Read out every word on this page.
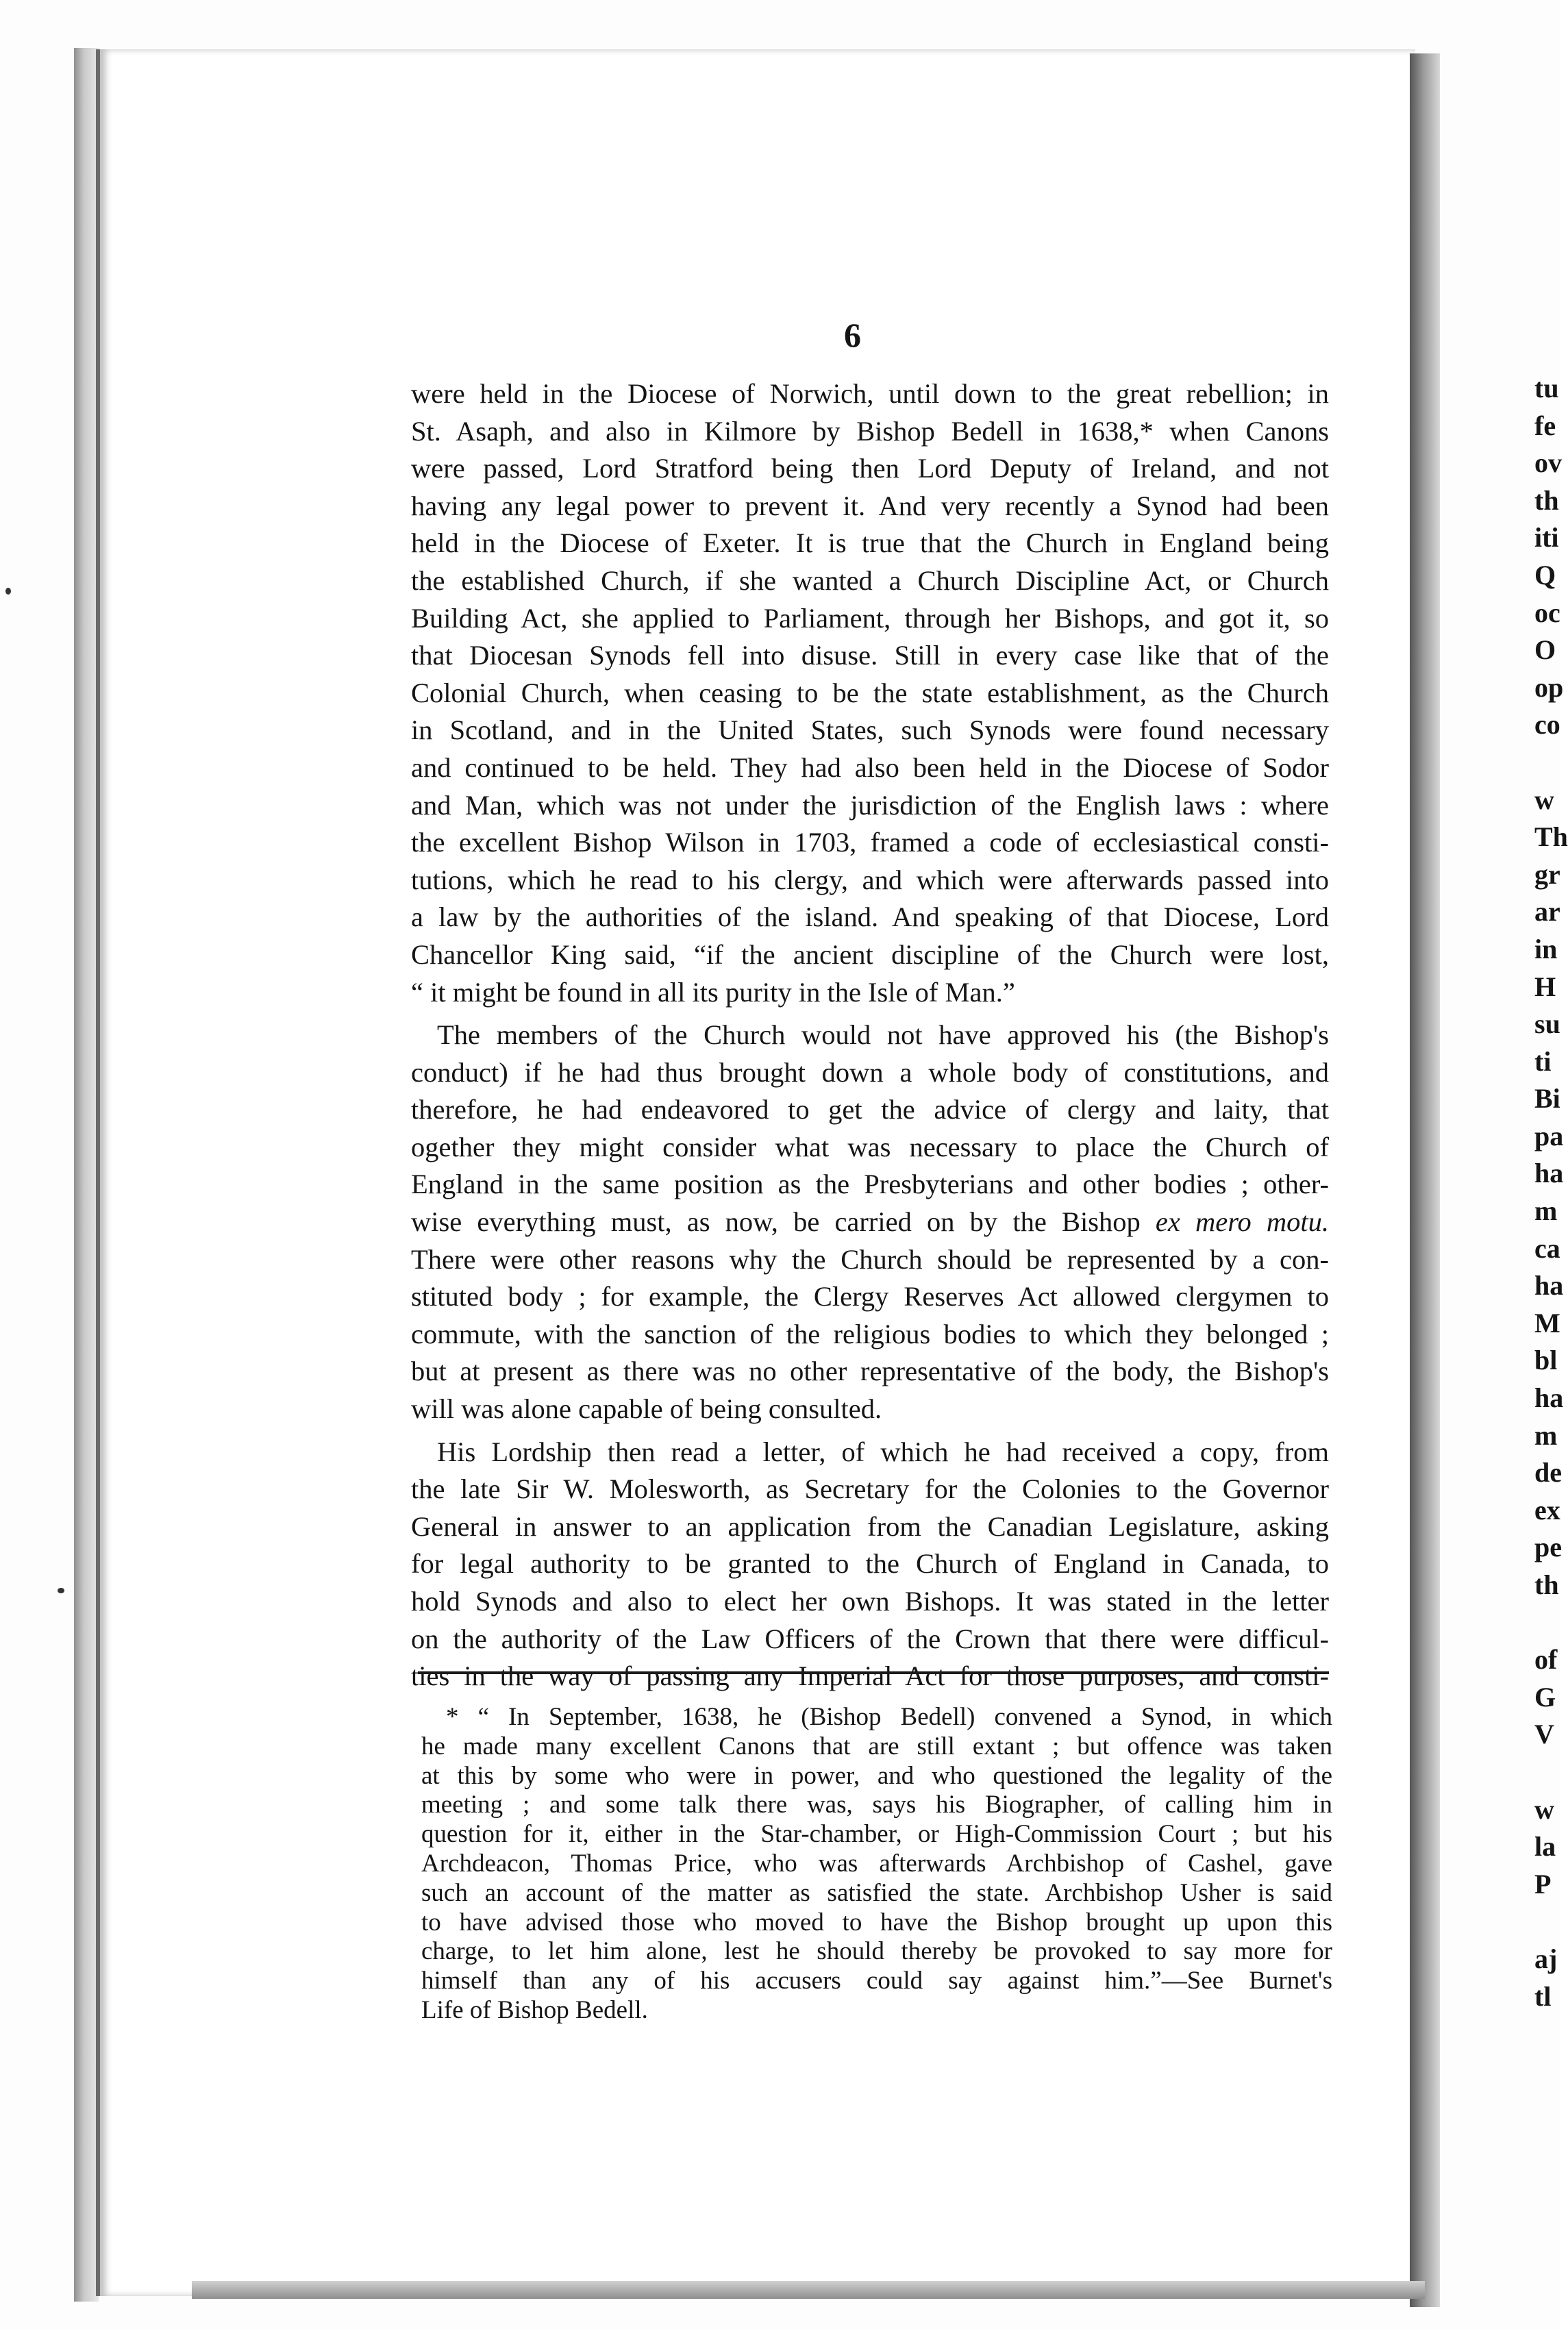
6
were held in the Diocese of Norwich, until down to the great rebellion; in
St. Asaph, and also in Kilmore by Bishop Bedell in 1638,* when Canons
were passed, Lord Stratford being then Lord Deputy of Ireland, and not
having any legal power to prevent it. And very recently a Synod had been
held in the Diocese of Exeter. It is true that the Church in England being
the established Church, if she wanted a Church Discipline Act, or Church
Building Act, she applied to Parliament, through her Bishops, and got it, so
that Diocesan Synods fell into disuse. Still in every case like that of the
Colonial Church, when ceasing to be the state establishment, as the Church
in Scotland, and in the United States, such Synods were found necessary
and continued to be held. They had also been held in the Diocese of Sodor
and Man, which was not under the jurisdiction of the English laws : where
the excellent Bishop Wilson in 1703, framed a code of ecclesiastical consti-
tutions, which he read to his clergy, and which were afterwards passed into
a law by the authorities of the island. And speaking of that Diocese, Lord
Chancellor King said, “if the ancient discipline of the Church were lost,
“ it might be found in all its purity in the Isle of Man.”
The members of the Church would not have approved his (the Bishop's
conduct) if he had thus brought down a whole body of constitutions, and
therefore, he had endeavored to get the advice of clergy and laity, that
ogether they might consider what was necessary to place the Church of
England in the same position as the Presbyterians and other bodies ; other-
wise everything must, as now, be carried on by the Bishop ex mero motu.
There were other reasons why the Church should be represented by a con-
stituted body ; for example, the Clergy Reserves Act allowed clergymen to
commute, with the sanction of the religious bodies to which they belonged ;
but at present as there was no other representative of the body, the Bishop's
will was alone capable of being consulted.
His Lordship then read a letter, of which he had received a copy, from
the late Sir W. Molesworth, as Secretary for the Colonies to the Governor
General in answer to an application from the Canadian Legislature, asking
for legal authority to be granted to the Church of England in Canada, to
hold Synods and also to elect her own Bishops. It was stated in the letter
on the authority of the Law Officers of the Crown that there were difficul-
ties in the way of passing any Imperial Act for those purposes, and consti-
* “ In September, 1638, he (Bishop Bedell) convened a Synod, in which
he made many excellent Canons that are still extant ; but offence was taken
at this by some who were in power, and who questioned the legality of the
meeting ; and some talk there was, says his Biographer, of calling him in
question for it, either in the Star-chamber, or High-Commission Court ; but his
Archdeacon, Thomas Price, who was afterwards Archbishop of Cashel, gave
such an account of the matter as satisfied the state. Archbishop Usher is said
to have advised those who moved to have the Bishop brought up upon this
charge, to let him alone, lest he should thereby be provoked to say more for
himself than any of his accusers could say against him.”—See Burnet's
Life of Bishop Bedell.
tu
fe
ov
th
iti
Q
oc
O
op
co

w
Th
gr
ar
in
H
su
ti
Bi
pa
ha
m
ca
ha
M
bl
ha
m
de
ex
pe
th

of
G
V

w
la
P

aj
tl
